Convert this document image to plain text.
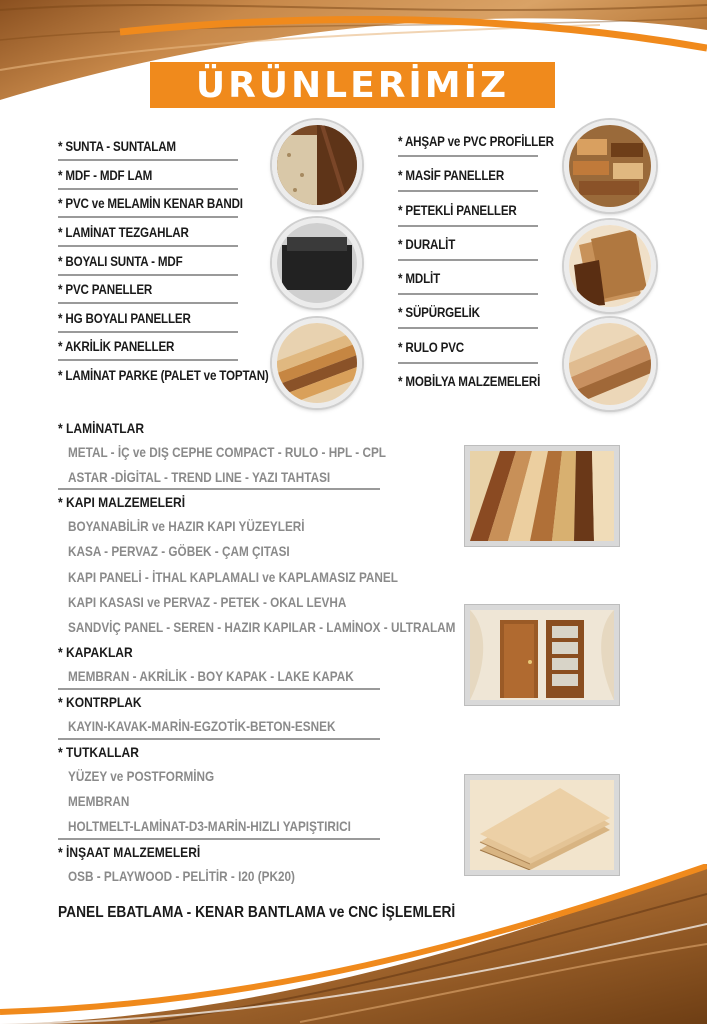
ÜRÜNLERİMİZ
* SUNTA - SUNTALAM
* MDF - MDF LAM
* PVC ve MELAMİN KENAR BANDI
* LAMİNAT TEZGAHLAR
* BOYALI SUNTA - MDF
* PVC PANELLER
* HG BOYALI PANELLER
* AKRİLİK PANELLER
* LAMİNAT PARKE (PALET ve TOPTAN)
* AHŞAP ve PVC PROFİLLER
* MASİF PANELLER
* PETEKLİ PANELLER
* DURALİT
* MDLİT
* SÜPÜRGELİK
* RULO PVC
* MOBİLYA MALZEMELERİ
* LAMİNATLAR
METAL - İÇ ve DIŞ CEPHE COMPACT - RULO - HPL - CPL
ASTAR -DİGİTAL - TREND LINE - YAZI TAHTASI
* KAPI MALZEMELERİ
BOYANABİLİR ve HAZIR KAPI YÜZEYLERİ
KASA - PERVAZ - GÖBEK - ÇAM ÇITASI
KAPI PANELİ - İTHAL KAPLAMALI ve KAPLAMASIZ PANEL
KAPI KASASI ve PERVAZ - PETEK - OKAL LEVHA
SANDVİÇ PANEL - SEREN - HAZIR KAPILAR - LAMİNOX - ULTRALAM
* KAPAKLAR
MEMBRAN - AKRİLİK - BOY KAPAK - LAKE KAPAK
* KONTRPLAK
KAYIN-KAVAK-MARİN-EGZOTİK-BETON-ESNEK
* TUTKALLAR
YÜZEY ve POSTFORMİNG
MEMBRAN
HOLTMELT-LAMİNAT-D3-MARİN-HIZLI YAPIŞTIRICI
* İNŞAAT MALZEMELERİ
OSB - PLAYWOOD - PELİTİR - I20 (PK20)
PANEL EBATLAMA - KENAR BANTLAMA ve CNC İŞLEMLERİ
